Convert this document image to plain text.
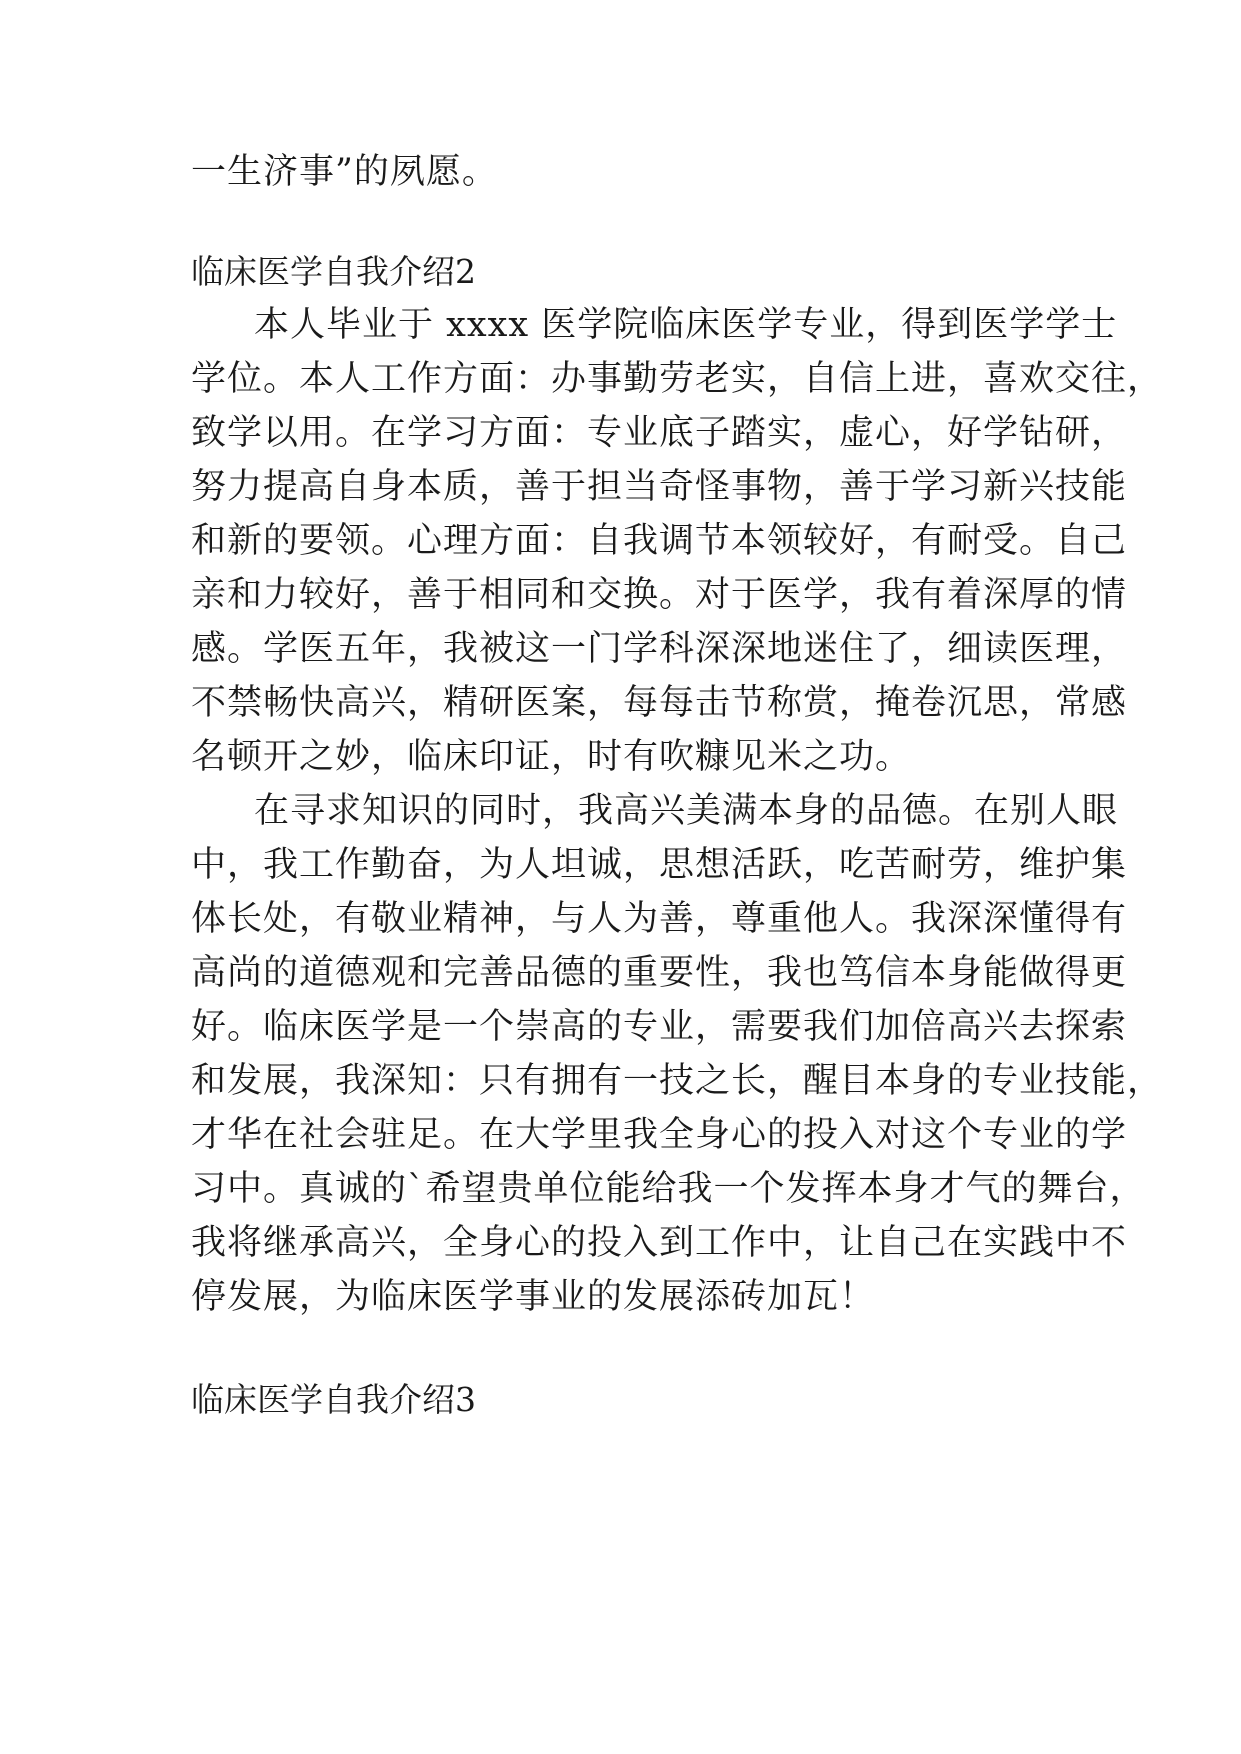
一生济事”的夙愿。
临床医学自我介绍2
本人毕业于 xxxx 医学院临床医学专业，得到医学学士
学位。本人工作方面：办事勤劳老实，自信上进，喜欢交往，
致学以用。在学习方面：专业底子踏实，虚心，好学钻研，
努力提高自身本质，善于担当奇怪事物，善于学习新兴技能
和新的要领。心理方面：自我调节本领较好，有耐受。自己
亲和力较好，善于相同和交换。对于医学，我有着深厚的情
感。学医五年，我被这一门学科深深地迷住了，细读医理，
不禁畅快高兴，精研医案，每每击节称赏，掩卷沉思，常感
名顿开之妙，临床印证，时有吹糠见米之功。
在寻求知识的同时，我高兴美满本身的品德。在别人眼
中，我工作勤奋，为人坦诚，思想活跃，吃苦耐劳，维护集
体长处，有敬业精神，与人为善，尊重他人。我深深懂得有
高尚的道德观和完善品德的重要性，我也笃信本身能做得更
好。临床医学是一个崇高的专业，需要我们加倍高兴去探索
和发展，我深知：只有拥有一技之长，醒目本身的专业技能，
才华在社会驻足。在大学里我全身心的投入对这个专业的学
习中。真诚的`希望贵单位能给我一个发挥本身才气的舞台，
我将继承高兴，全身心的投入到工作中，让自己在实践中不
停发展，为临床医学事业的发展添砖加瓦！
临床医学自我介绍3
